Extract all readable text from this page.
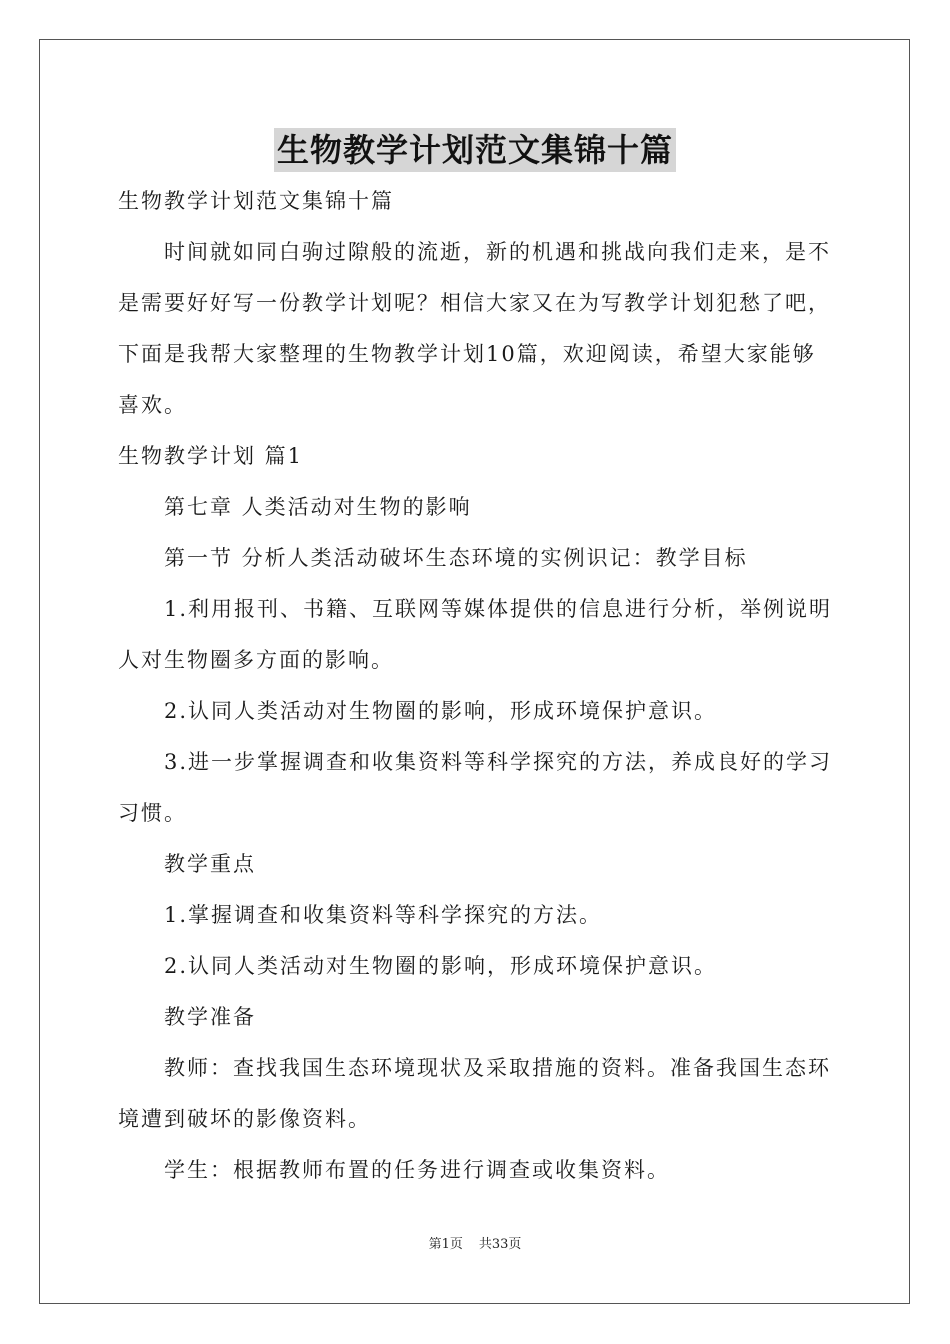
生物教学计划范文集锦十篇

生物教学计划范文集锦十篇

时间就如同白驹过隙般的流逝，新的机遇和挑战向我们走来，是不是需要好好写一份教学计划呢？相信大家又在为写教学计划犯愁了吧，下面是我帮大家整理的生物教学计划10篇，欢迎阅读，希望大家能够喜欢。

生物教学计划 篇1

第七章 人类活动对生物的影响

第一节 分析人类活动破坏生态环境的实例识记：教学目标

1.利用报刊、书籍、互联网等媒体提供的信息进行分析，举例说明人对生物圈多方面的影响。

2.认同人类活动对生物圈的影响，形成环境保护意识。

3.进一步掌握调查和收集资料等科学探究的方法，养成良好的学习习惯。

教学重点

1.掌握调查和收集资料等科学探究的方法。

2.认同人类活动对生物圈的影响，形成环境保护意识。

教学准备

教师：查找我国生态环境现状及采取措施的资料。准备我国生态环境遭到破坏的影像资料。

学生：根据教师布置的任务进行调查或收集资料。

第1页 共33页
